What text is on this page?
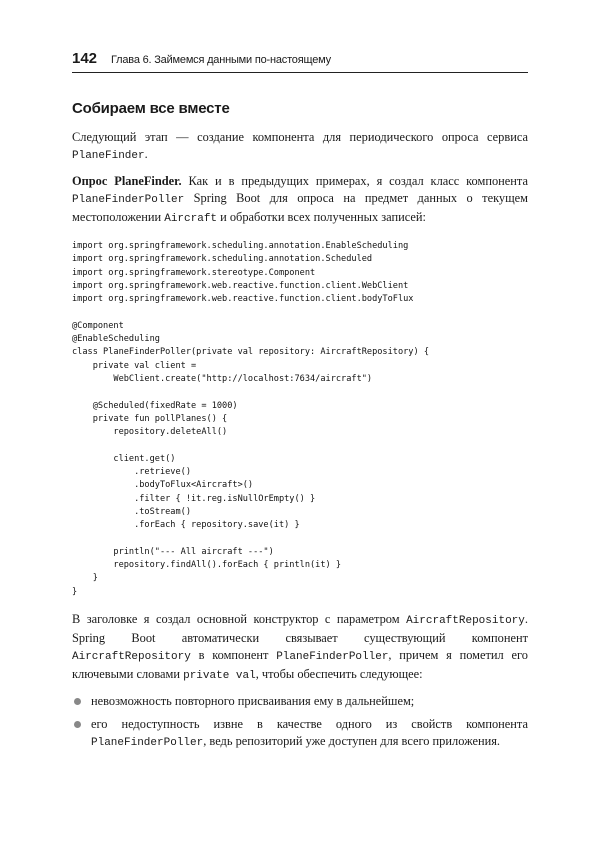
142 Глава 6. Займемся данными по-настоящему
Собираем все вместе

Следующий этап — создание компонента для периодического опроса сервиса PlaneFinder.

Опрос PlaneFinder. Как и в предыдущих примерах, я создал класс компонента PlaneFinderPoller Spring Boot для опроса на предмет данных о текущем местоположении Aircraft и обработки всех полученных записей:

import org.springframework.scheduling.annotation.EnableScheduling
import org.springframework.scheduling.annotation.Scheduled
import org.springframework.stereotype.Component
import org.springframework.web.reactive.function.client.WebClient
import org.springframework.web.reactive.function.client.bodyToFlux

@Component
@EnableScheduling
class PlaneFinderPoller(private val repository: AircraftRepository) {
private val client =
WebClient.create("http://localhost:7634/aircraft")

@Scheduled(fixedRate = 1000)
private fun pollPlanes() {
repository.deleteAll()

client.get()
.retrieve()
.bodyToFlux<Aircraft>()
.filter { !it.reg.isNullOrEmpty() }
.toStream()
.forEach { repository.save(it) }

println("--- All aircraft ---")
repository.findAll().forEach { println(it) }
}
}

В заголовке я создал основной конструктор с параметром AircraftRepository. Spring Boot автоматически связывает существующий компонент AircraftRepository в компонент PlaneFinderPoller, причем я пометил его ключевыми словами private val, чтобы обеспечить следующее:

невозможность повторного присваивания ему в дальнейшем;
его недоступность извне в качестве одного из свойств компонента PlaneFinderPoller, ведь репозиторий уже доступен для всего приложения.
